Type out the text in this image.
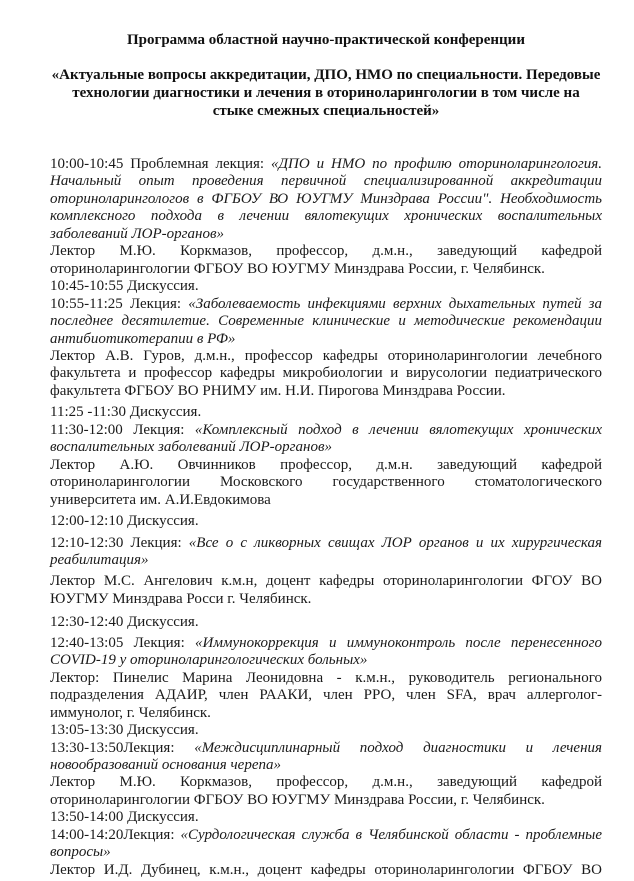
Программа областной научно-практической конференции
«Актуальные вопросы аккредитации, ДПО, НМО по специальности. Передовые
технологии диагностики и лечения в оториноларингологии в том числе на
стыке смежных специальностей»

10:00-10:45 Проблемная лекция: «ДПО и НМО по профилю оториноларингология. Начальный опыт проведения первичной специализированной аккредитации оториноларингологов в ФГБОУ ВО ЮУГМУ Минздрава России". Необходимость комплексного подхода в лечении вялотекущих хронических воспалительных заболеваний ЛОР-органов»

Лектор М.Ю. Коркмазов, профессор, д.м.н., заведующий кафедрой оториноларингологии ФГБОУ ВО ЮУГМУ Минздрава России, г. Челябинск.

10:45-10:55 Дискуссия.

10:55-11:25 Лекция: «Заболеваемость инфекциями верхних дыхательных путей за последнее десятилетие. Современные клинические и методические рекомендации антибиотикотерапии в РФ»

Лектор А.В. Гуров, д.м.н., профессор кафедры оториноларингологии лечебного факультета и профессор кафедры микробиологии и вирусологии педиатрического факультета ФГБОУ ВО РНИМУ им. Н.И. Пирогова Минздрава России.

11:25 -11:30 Дискуссия.

11:30-12:00 Лекция: «Комплексный подход в лечении вялотекущих хронических воспалительных заболеваний ЛОР-органов»

Лектор А.Ю. Овчинников профессор, д.м.н. заведующий кафедрой оториноларингологии Московского государственного стоматологического университета им. А.И.Евдокимова

12:00-12:10 Дискуссия.

12:10-12:30 Лекция: «Все о с ликворных свищах ЛОР органов и их хирургическая реабилитация»

Лектор М.С. Ангелович к.м.н, доцент кафедры оториноларингологии ФГОУ ВО ЮУГМУ Минздрава Росси г. Челябинск.

12:30-12:40 Дискуссия.

12:40-13:05 Лекция: «Иммунокоррекция и иммуноконтроль после перенесенного COVID-19 у оториноларингологических больных»

Лектор: Пинелис Марина Леонидовна - к.м.н., руководитель регионального подразделения АДАИР, член РААКИ, член РРО, член SFA, врач аллерголог-иммунолог, г. Челябинск.

13:05-13:30 Дискуссия.

13:30-13:50Лекция: «Междисциплинарный подход диагностики и лечения новообразований основания черепа»

Лектор М.Ю. Коркмазов, профессор, д.м.н., заведующий кафедрой оториноларингологии ФГБОУ ВО ЮУГМУ Минздрава России, г. Челябинск.

13:50-14:00 Дискуссия.

14:00-14:20Лекция: «Сурдологическая служба в Челябинской области - проблемные вопросы»

Лектор И.Д. Дубинец, к.м.н., доцент кафедры оториноларингологии ФГБОУ ВО
